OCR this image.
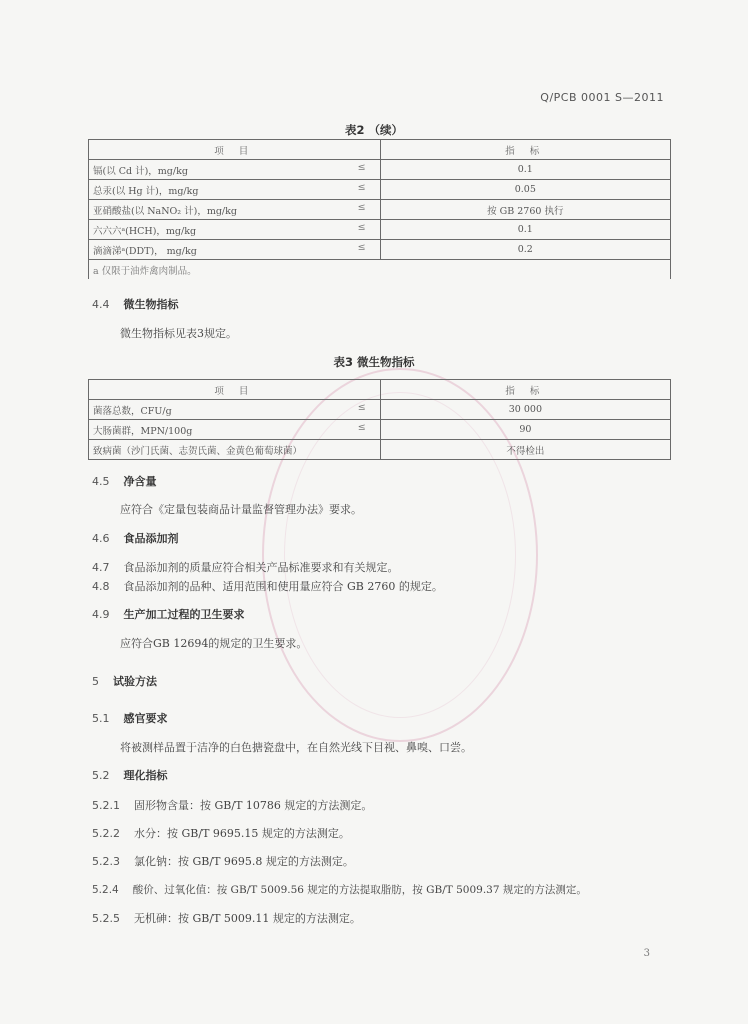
Q/PCB 0001 S—2011
表2 （续）
项 目	指 标
镉(以 Cd 计)，mg/kg ≤	0.1
总汞(以 Hg 计)，mg/kg ≤	0.05
亚硝酸盐(以 NaNO₂ 计)，mg/kg ≤	按 GB 2760 执行
六六六ᵃ(HCH)，mg/kg ≤	0.1
滴滴涕ᵃ(DDT)， mg/kg ≤	0.2
a 仅限于油炸禽肉制品。	
4.4 微生物指标
微生物指标见表3规定。
表3 微生物指标
项 目	指 标
菌落总数，CFU/g ≤	30 000
大肠菌群，MPN/100g ≤	90
致病菌（沙门氏菌、志贺氏菌、金黄色葡萄球菌）	不得检出
4.5 净含量
应符合《定量包装商品计量监督管理办法》要求。
4.6 食品添加剂
4.7 食品添加剂的质量应符合相关产品标准要求和有关规定。
4.8 食品添加剂的品种、适用范围和使用量应符合 GB 2760 的规定。
4.9 生产加工过程的卫生要求
应符合GB 12694的规定的卫生要求。
5 试验方法
5.1 感官要求
将被测样品置于洁净的白色搪瓷盘中，在自然光线下目视、鼻嗅、口尝。
5.2 理化指标
5.2.1 固形物含量：按 GB/T 10786 规定的方法测定。
5.2.2 水分：按 GB/T 9695.15 规定的方法测定。
5.2.3 氯化钠：按 GB/T 9695.8 规定的方法测定。
5.2.4 酸价、过氧化值：按 GB/T 5009.56 规定的方法提取脂肪，按 GB/T 5009.37 规定的方法测定。
5.2.5 无机砷：按 GB/T 5009.11 规定的方法测定。
3
